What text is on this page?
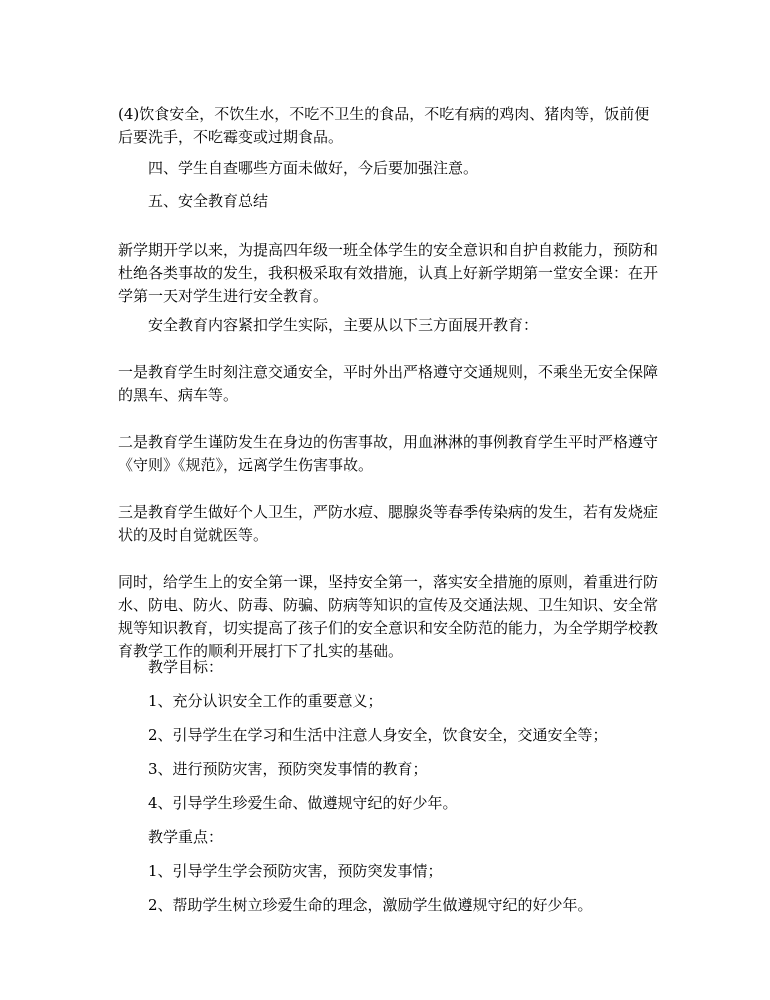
(4)饮食安全，不饮生水，不吃不卫生的食品，不吃有病的鸡肉、猪肉等，饭前便后要洗手，不吃霉变或过期食品。

四、学生自查哪些方面未做好，今后要加强注意。

五、安全教育总结

新学期开学以来，为提高四年级一班全体学生的安全意识和自护自救能力，预防和杜绝各类事故的发生，我积极采取有效措施，认真上好新学期第一堂安全课：在开学第一天对学生进行安全教育。

安全教育内容紧扣学生实际，主要从以下三方面展开教育：

一是教育学生时刻注意交通安全，平时外出严格遵守交通规则，不乘坐无安全保障的黑车、病车等。

二是教育学生谨防发生在身边的伤害事故，用血淋淋的事例教育学生平时严格遵守《守则》《规范》，远离学生伤害事故。

三是教育学生做好个人卫生，严防水痘、腮腺炎等春季传染病的发生，若有发烧症状的及时自觉就医等。

同时，给学生上的安全第一课，坚持安全第一，落实安全措施的原则，着重进行防水、防电、防火、防毒、防骗、防病等知识的宣传及交通法规、卫生知识、安全常规等知识教育，切实提高了孩子们的安全意识和安全防范的能力，为全学期学校教育教学工作的顺利开展打下了扎实的基础。

教学目标：

1、充分认识安全工作的重要意义；

2、引导学生在学习和生活中注意人身安全，饮食安全，交通安全等；

3、进行预防灾害，预防突发事情的教育；

4、引导学生珍爱生命、做遵规守纪的好少年。

教学重点：

1、引导学生学会预防灾害，预防突发事情；

2、帮助学生树立珍爱生命的理念，激励学生做遵规守纪的好少年。
